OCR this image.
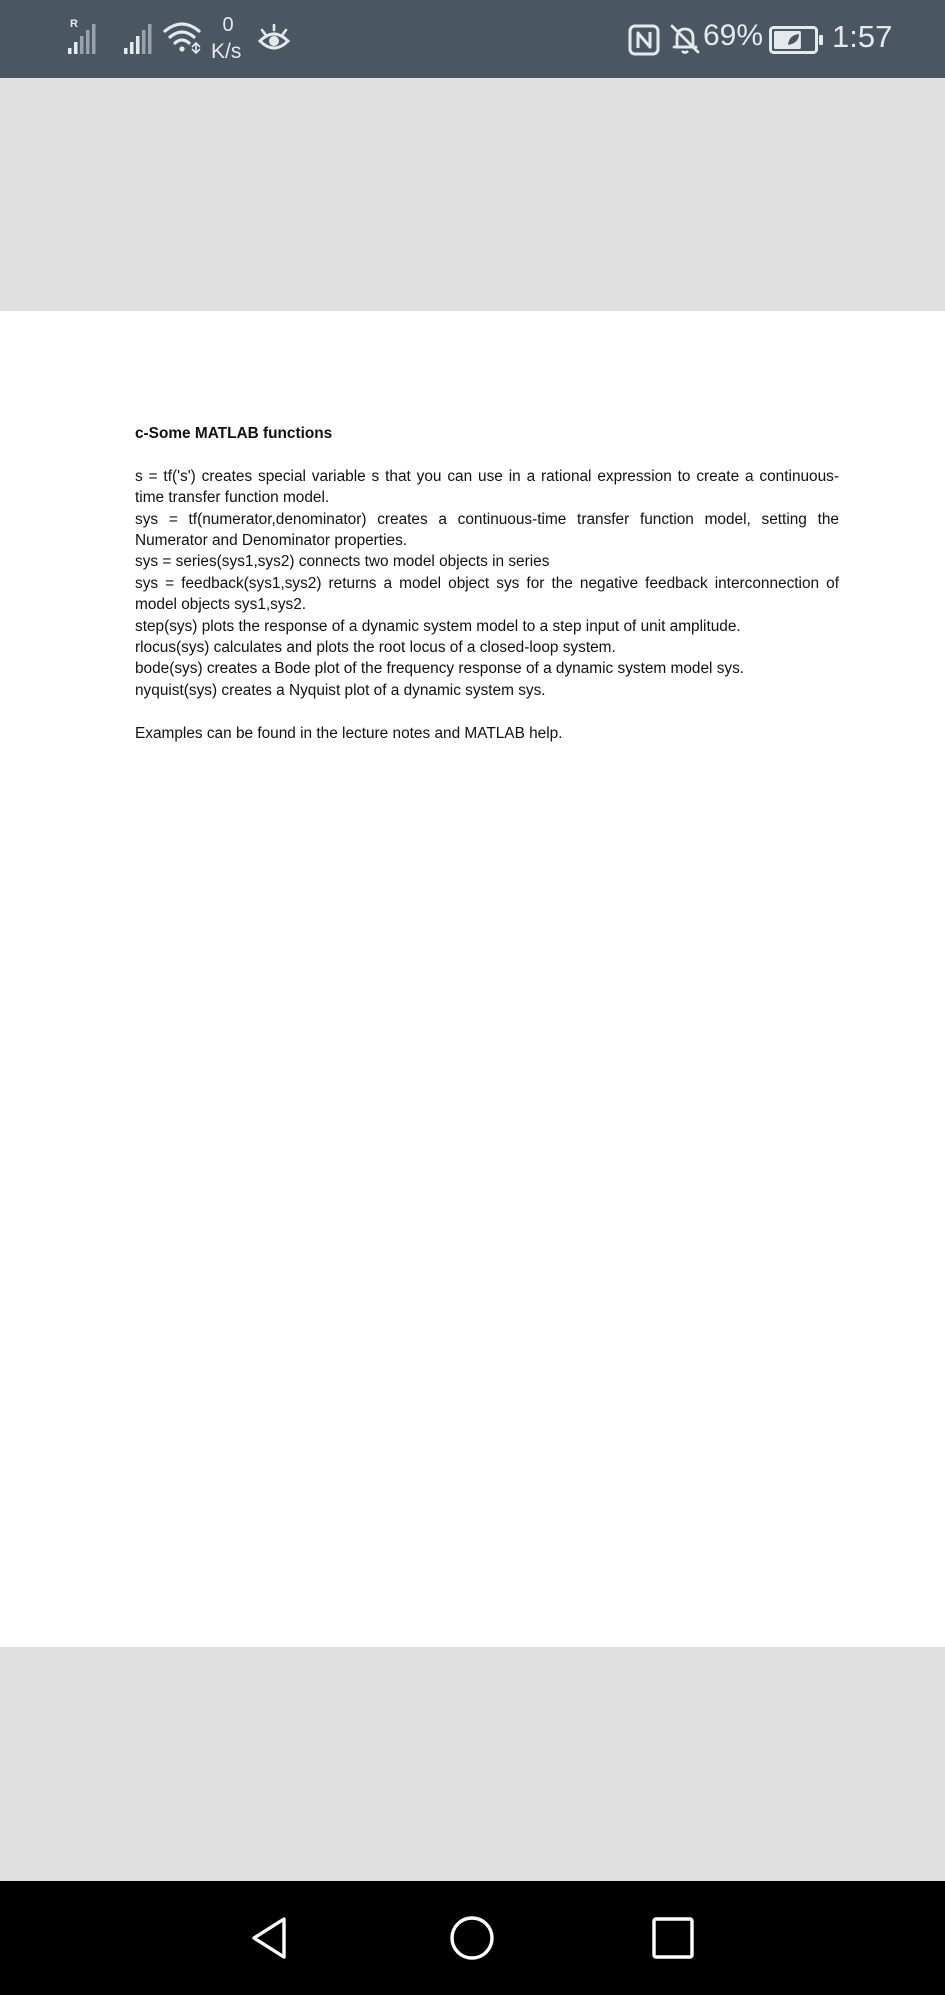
R	0
K/s	69% 1:57
c-Some MATLAB functions

s = tf('s') creates special variable s that you can use in a rational expression to create a continuous-time transfer function model.

sys = tf(numerator,denominator) creates a continuous-time transfer function model, setting the Numerator and Denominator properties.

sys = series(sys1,sys2) connects two model objects in series

sys = feedback(sys1,sys2) returns a model object sys for the negative feedback interconnection of model objects sys1,sys2.

step(sys) plots the response of a dynamic system model to a step input of unit amplitude.

rlocus(sys) calculates and plots the root locus of a closed-loop system.

bode(sys) creates a Bode plot of the frequency response of a dynamic system model sys.

nyquist(sys) creates a Nyquist plot of a dynamic system sys.

Examples can be found in the lecture notes and MATLAB help.
